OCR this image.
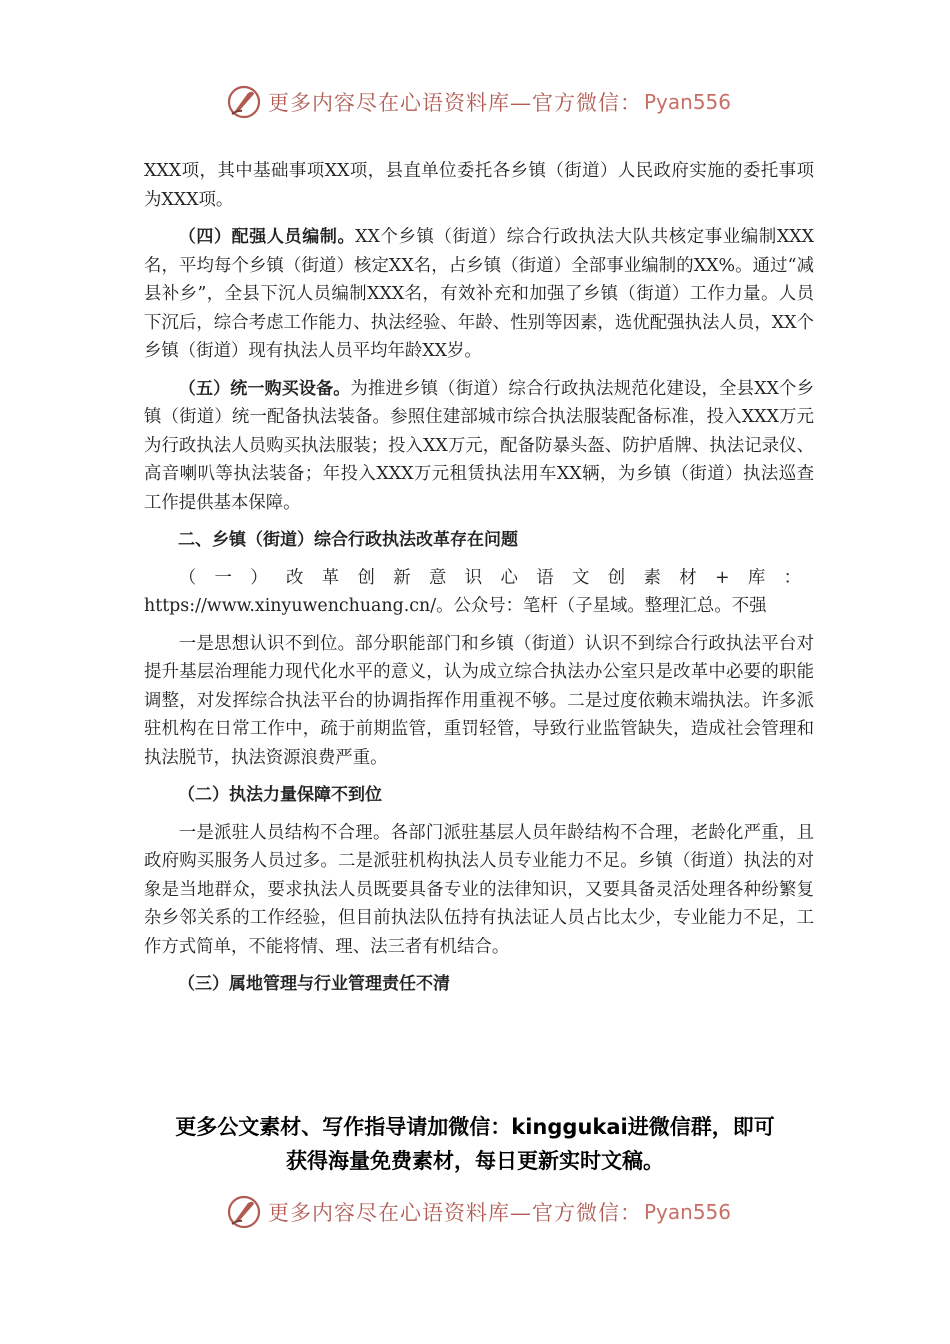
更多内容尽在心语资料库—官方微信： Pyan556

XXX项，其中基础事项XX项，县直单位委托各乡镇（街道）人民政府实施的委托事项为XXX项。

（四）配强人员编制。XX个乡镇（街道）综合行政执法大队共核定事业编制XXX名，平均每个乡镇（街道）核定XX名，占乡镇（街道）全部事业编制的XX%。通过“减县补乡”，全县下沉人员编制XXX名，有效补充和加强了乡镇（街道）工作力量。人员下沉后，综合考虑工作能力、执法经验、年龄、性别等因素，选优配强执法人员，XX个乡镇（街道）现有执法人员平均年龄XX岁。

（五）统一购买设备。为推进乡镇（街道）综合行政执法规范化建设，全县XX个乡镇（街道）统一配备执法装备。参照住建部城市综合执法服装配备标准，投入XXX万元为行政执法人员购买执法服装；投入XX万元，配备防暴头盔、防护盾牌、执法记录仪、高音喇叭等执法装备；年投入XXX万元租赁执法用车XX辆，为乡镇（街道）执法巡查工作提供基本保障。

二、乡镇（街道）综合行政执法改革存在问题

（一）改革创新意识心语文创素材+库：https://www.xinyuwenchuang.cn/。公众号：笔杆（子星域。整理汇总。不强

一是思想认识不到位。部分职能部门和乡镇（街道）认识不到综合行政执法平台对提升基层治理能力现代化水平的意义，认为成立综合执法办公室只是改革中必要的职能调整，对发挥综合执法平台的协调指挥作用重视不够。二是过度依赖末端执法。许多派驻机构在日常工作中，疏于前期监管，重罚轻管，导致行业监管缺失，造成社会管理和执法脱节，执法资源浪费严重。

（二）执法力量保障不到位

一是派驻人员结构不合理。各部门派驻基层人员年龄结构不合理，老龄化严重，且政府购买服务人员过多。二是派驻机构执法人员专业能力不足。乡镇（街道）执法的对象是当地群众，要求执法人员既要具备专业的法律知识，又要具备灵活处理各种纷繁复杂乡邻关系的工作经验，但目前执法队伍持有执法证人员占比太少，专业能力不足，工作方式简单，不能将情、理、法三者有机结合。

（三）属地管理与行业管理责任不清

更多公文素材、写作指导请加微信：kinggukai进微信群，即可
获得海量免费素材，每日更新实时文稿。
更多内容尽在心语资料库—官方微信： Pyan556
